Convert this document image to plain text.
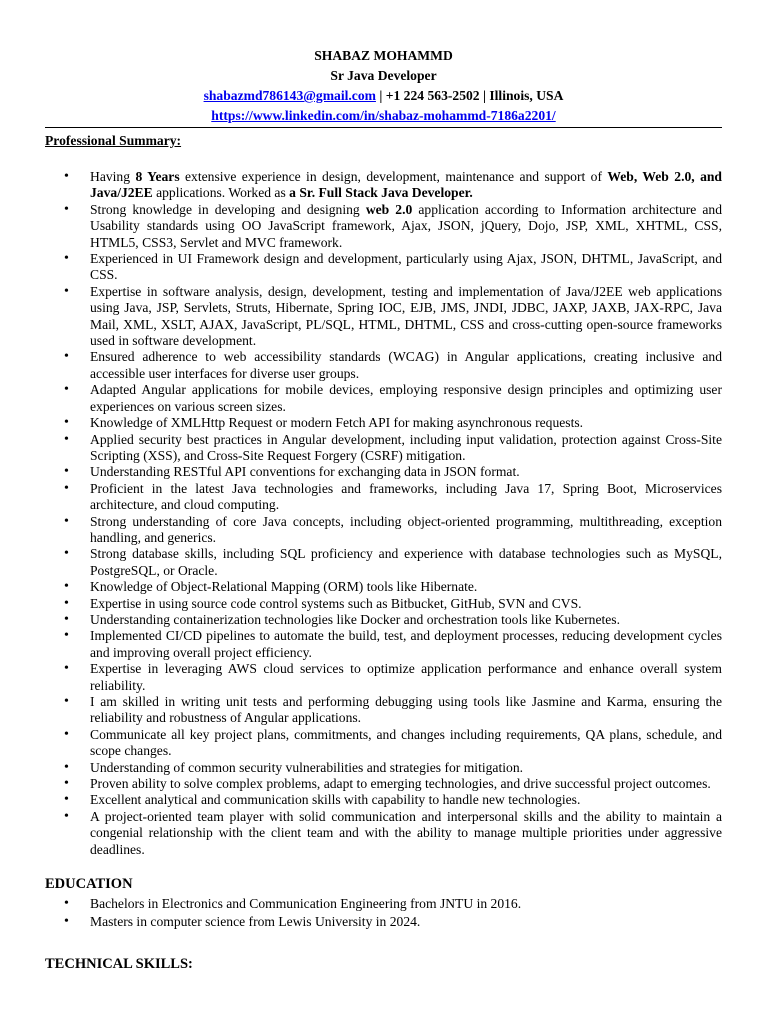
SHABAZ MOHAMMD
Sr Java Developer
shabazmd786143@gmail.com | +1 224 563-2502 | Illinois, USA
https://www.linkedin.com/in/shabaz-mohammd-7186a2201/
Professional Summary:
• Having 8 Years extensive experience in design, development, maintenance and support of Web, Web 2.0, and Java/J2EE applications. Worked as a Sr. Full Stack Java Developer.
• Strong knowledge in developing and designing web 2.0 application according to Information architecture and Usability standards using OO JavaScript framework, Ajax, JSON, jQuery, Dojo, JSP, XML, XHTML, CSS, HTML5, CSS3, Servlet and MVC framework.
• Experienced in UI Framework design and development, particularly using Ajax, JSON, DHTML, JavaScript, and CSS.
• Expertise in software analysis, design, development, testing and implementation of Java/J2EE web applications using Java, JSP, Servlets, Struts, Hibernate, Spring IOC, EJB, JMS, JNDI, JDBC, JAXP, JAXB, JAX-RPC, Java Mail, XML, XSLT, AJAX, JavaScript, PL/SQL, HTML, DHTML, CSS and cross-cutting open-source frameworks used in software development.
• Ensured adherence to web accessibility standards (WCAG) in Angular applications, creating inclusive and accessible user interfaces for diverse user groups.
• Adapted Angular applications for mobile devices, employing responsive design principles and optimizing user experiences on various screen sizes.
• Knowledge of XMLHttp Request or modern Fetch API for making asynchronous requests.
• Applied security best practices in Angular development, including input validation, protection against Cross-Site Scripting (XSS), and Cross-Site Request Forgery (CSRF) mitigation.
• Understanding RESTful API conventions for exchanging data in JSON format.
• Proficient in the latest Java technologies and frameworks, including Java 17, Spring Boot, Microservices architecture, and cloud computing.
• Strong understanding of core Java concepts, including object-oriented programming, multithreading, exception handling, and generics.
• Strong database skills, including SQL proficiency and experience with database technologies such as MySQL, PostgreSQL, or Oracle.
• Knowledge of Object-Relational Mapping (ORM) tools like Hibernate.
• Expertise in using source code control systems such as Bitbucket, GitHub, SVN and CVS.
• Understanding containerization technologies like Docker and orchestration tools like Kubernetes.
• Implemented CI/CD pipelines to automate the build, test, and deployment processes, reducing development cycles and improving overall project efficiency.
• Expertise in leveraging AWS cloud services to optimize application performance and enhance overall system reliability.
• I am skilled in writing unit tests and performing debugging using tools like Jasmine and Karma, ensuring the reliability and robustness of Angular applications.
• Communicate all key project plans, commitments, and changes including requirements, QA plans, schedule, and scope changes.
• Understanding of common security vulnerabilities and strategies for mitigation.
• Proven ability to solve complex problems, adapt to emerging technologies, and drive successful project outcomes.
• Excellent analytical and communication skills with capability to handle new technologies.
• A project-oriented team player with solid communication and interpersonal skills and the ability to maintain a congenial relationship with the client team and with the ability to manage multiple priorities under aggressive deadlines.
EDUCATION
• Bachelors in Electronics and Communication Engineering from JNTU in 2016.
• Masters in computer science from Lewis University in 2024.
TECHNICAL SKILLS:
